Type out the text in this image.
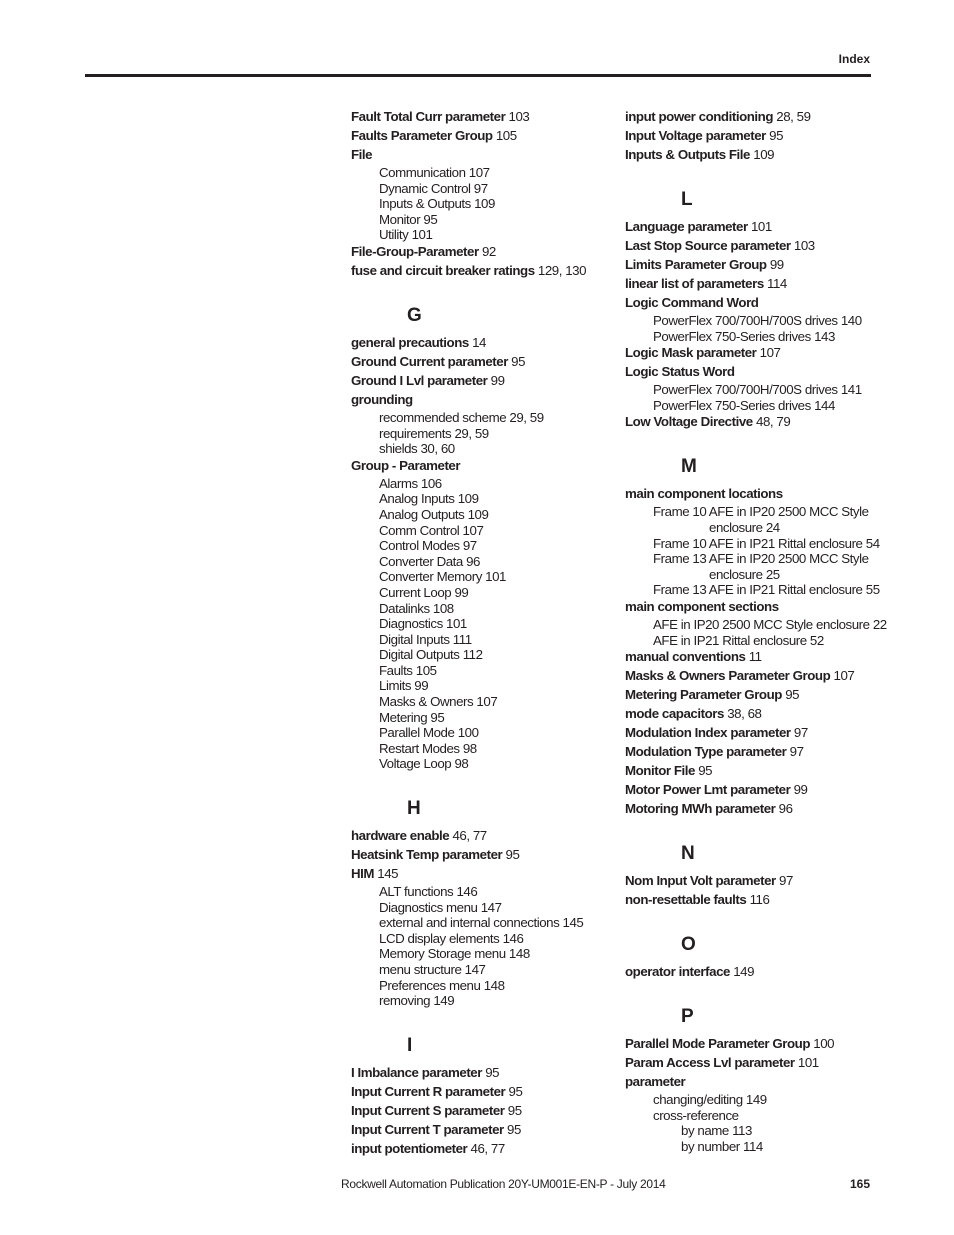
Index
Fault Total Curr parameter 103
Faults Parameter Group 105
File
Communication 107
Dynamic Control 97
Inputs & Outputs 109
Monitor 95
Utility 101
File-Group-Parameter 92
fuse and circuit breaker ratings 129, 130
G
general precautions 14
Ground Current parameter 95
Ground I Lvl parameter 99
grounding
recommended scheme 29, 59
requirements 29, 59
shields 30, 60
Group - Parameter
Alarms 106
Analog Inputs 109
Analog Outputs 109
Comm Control 107
Control Modes 97
Converter Data 96
Converter Memory 101
Current Loop 99
Datalinks 108
Diagnostics 101
Digital Inputs 111
Digital Outputs 112
Faults 105
Limits 99
Masks & Owners 107
Metering 95
Parallel Mode 100
Restart Modes 98
Voltage Loop 98
H
hardware enable 46, 77
Heatsink Temp parameter 95
HIM 145
ALT functions 146
Diagnostics menu 147
external and internal connections 145
LCD display elements 146
Memory Storage menu 148
menu structure 147
Preferences menu 148
removing 149
I
I Imbalance parameter 95
Input Current R parameter 95
Input Current S parameter 95
Input Current T parameter 95
input potentiometer 46, 77
input power conditioning 28, 59
Input Voltage parameter 95
Inputs & Outputs File 109
L
Language parameter 101
Last Stop Source parameter 103
Limits Parameter Group 99
linear list of parameters 114
Logic Command Word
PowerFlex 700/700H/700S drives 140
PowerFlex 750-Series drives 143
Logic Mask parameter 107
Logic Status Word
PowerFlex 700/700H/700S drives 141
PowerFlex 750-Series drives 144
Low Voltage Directive 48, 79
M
main component locations
Frame 10 AFE in IP20 2500 MCC Style
enclosure 24
Frame 10 AFE in IP21 Rittal enclosure 54
Frame 13 AFE in IP20 2500 MCC Style
enclosure 25
Frame 13 AFE in IP21 Rittal enclosure 55
main component sections
AFE in IP20 2500 MCC Style enclosure 22
AFE in IP21 Rittal enclosure 52
manual conventions 11
Masks & Owners Parameter Group 107
Metering Parameter Group 95
mode capacitors 38, 68
Modulation Index parameter 97
Modulation Type parameter 97
Monitor File 95
Motor Power Lmt parameter 99
Motoring MWh parameter 96
N
Nom Input Volt parameter 97
non-resettable faults 116
O
operator interface 149
P
Parallel Mode Parameter Group 100
Param Access Lvl parameter 101
parameter
changing/editing 149
cross-reference
by name 113
by number 114
Rockwell Automation Publication 20Y-UM001E-EN-P - July 2014	165
